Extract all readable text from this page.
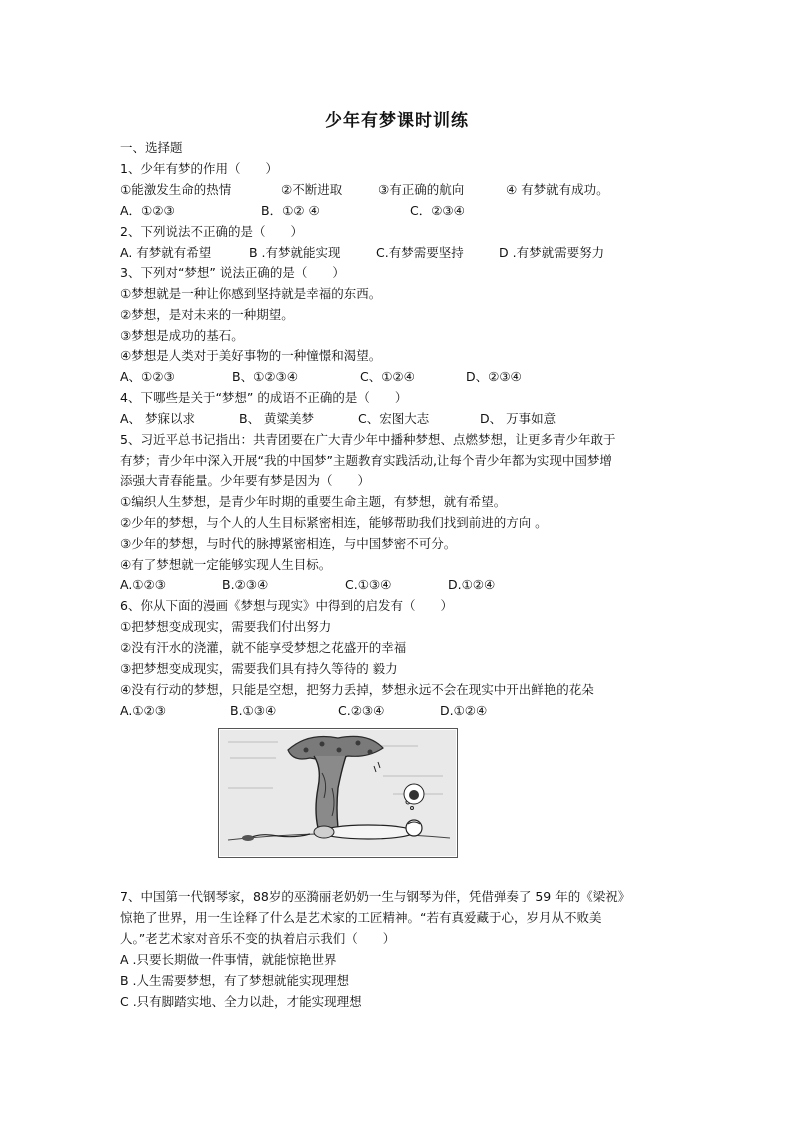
少年有梦课时训练
一、选择题
1、少年有梦的作用（　　）
①能激发生命的热情	②不断进取	③有正确的航向	④ 有梦就有成功。
A．①②③	B．①② ④	C．②③④
2、下列说法不正确的是（　　）
A. 有梦就有希望	B .有梦就能实现	C.有梦需要坚持	D .有梦就需要努力
3、下列对“梦想” 说法正确的是（　　）
①梦想就是一种让你感到坚持就是幸福的东西。
②梦想，是对未来的一种期望。
③梦想是成功的基石。
④梦想是人类对于美好事物的一种憧憬和渴望。
A、①②③	B、①②③④	C、①②④	D、②③④
4、下哪些是关于“梦想” 的成语不正确的是（　　）
A、 梦寐以求	B、 黄粱美梦	C、宏图大志	D、 万事如意
5、习近平总书记指出：共青团要在广大青少年中播种梦想、点燃梦想，让更多青少年敢于
有梦；青少年中深入开展“我的中国梦”主题教育实践活动,让每个青少年都为实现中国梦增
添强大青春能量。少年要有梦是因为（　　）
①编织人生梦想，是青少年时期的重要生命主题，有梦想，就有希望。
②少年的梦想，与个人的人生目标紧密相连，能够帮助我们找到前进的方向 。
③少年的梦想，与时代的脉搏紧密相连，与中国梦密不可分。
④有了梦想就一定能够实现人生目标。
A.①②③	B.②③④	C.①③④	D.①②④
6、你从下面的漫画《梦想与现实》中得到的启发有（　　）
①把梦想变成现实，需要我们付出努力
②没有汗水的浇灌，就不能享受梦想之花盛开的幸福
③把梦想变成现实，需要我们具有持久等待的 毅力
④没有行动的梦想，只能是空想，把努力丢掉，梦想永远不会在现实中开出鲜艳的花朵
A.①②③	B.①③④	C.②③④	D.①②④
7、中国第一代钢琴家，88岁的巫漪丽老奶奶一生与钢琴为伴，凭借弹奏了 59 年的《梁祝》
惊艳了世界，用一生诠释了什么是艺术家的工匠精神。“若有真爱藏于心，岁月从不败美
人。”老艺术家对音乐不变的执着启示我们（　　）
A .只要长期做一件事情，就能惊艳世界
B .人生需要梦想，有了梦想就能实现理想
C .只有脚踏实地、全力以赴，才能实现理想
